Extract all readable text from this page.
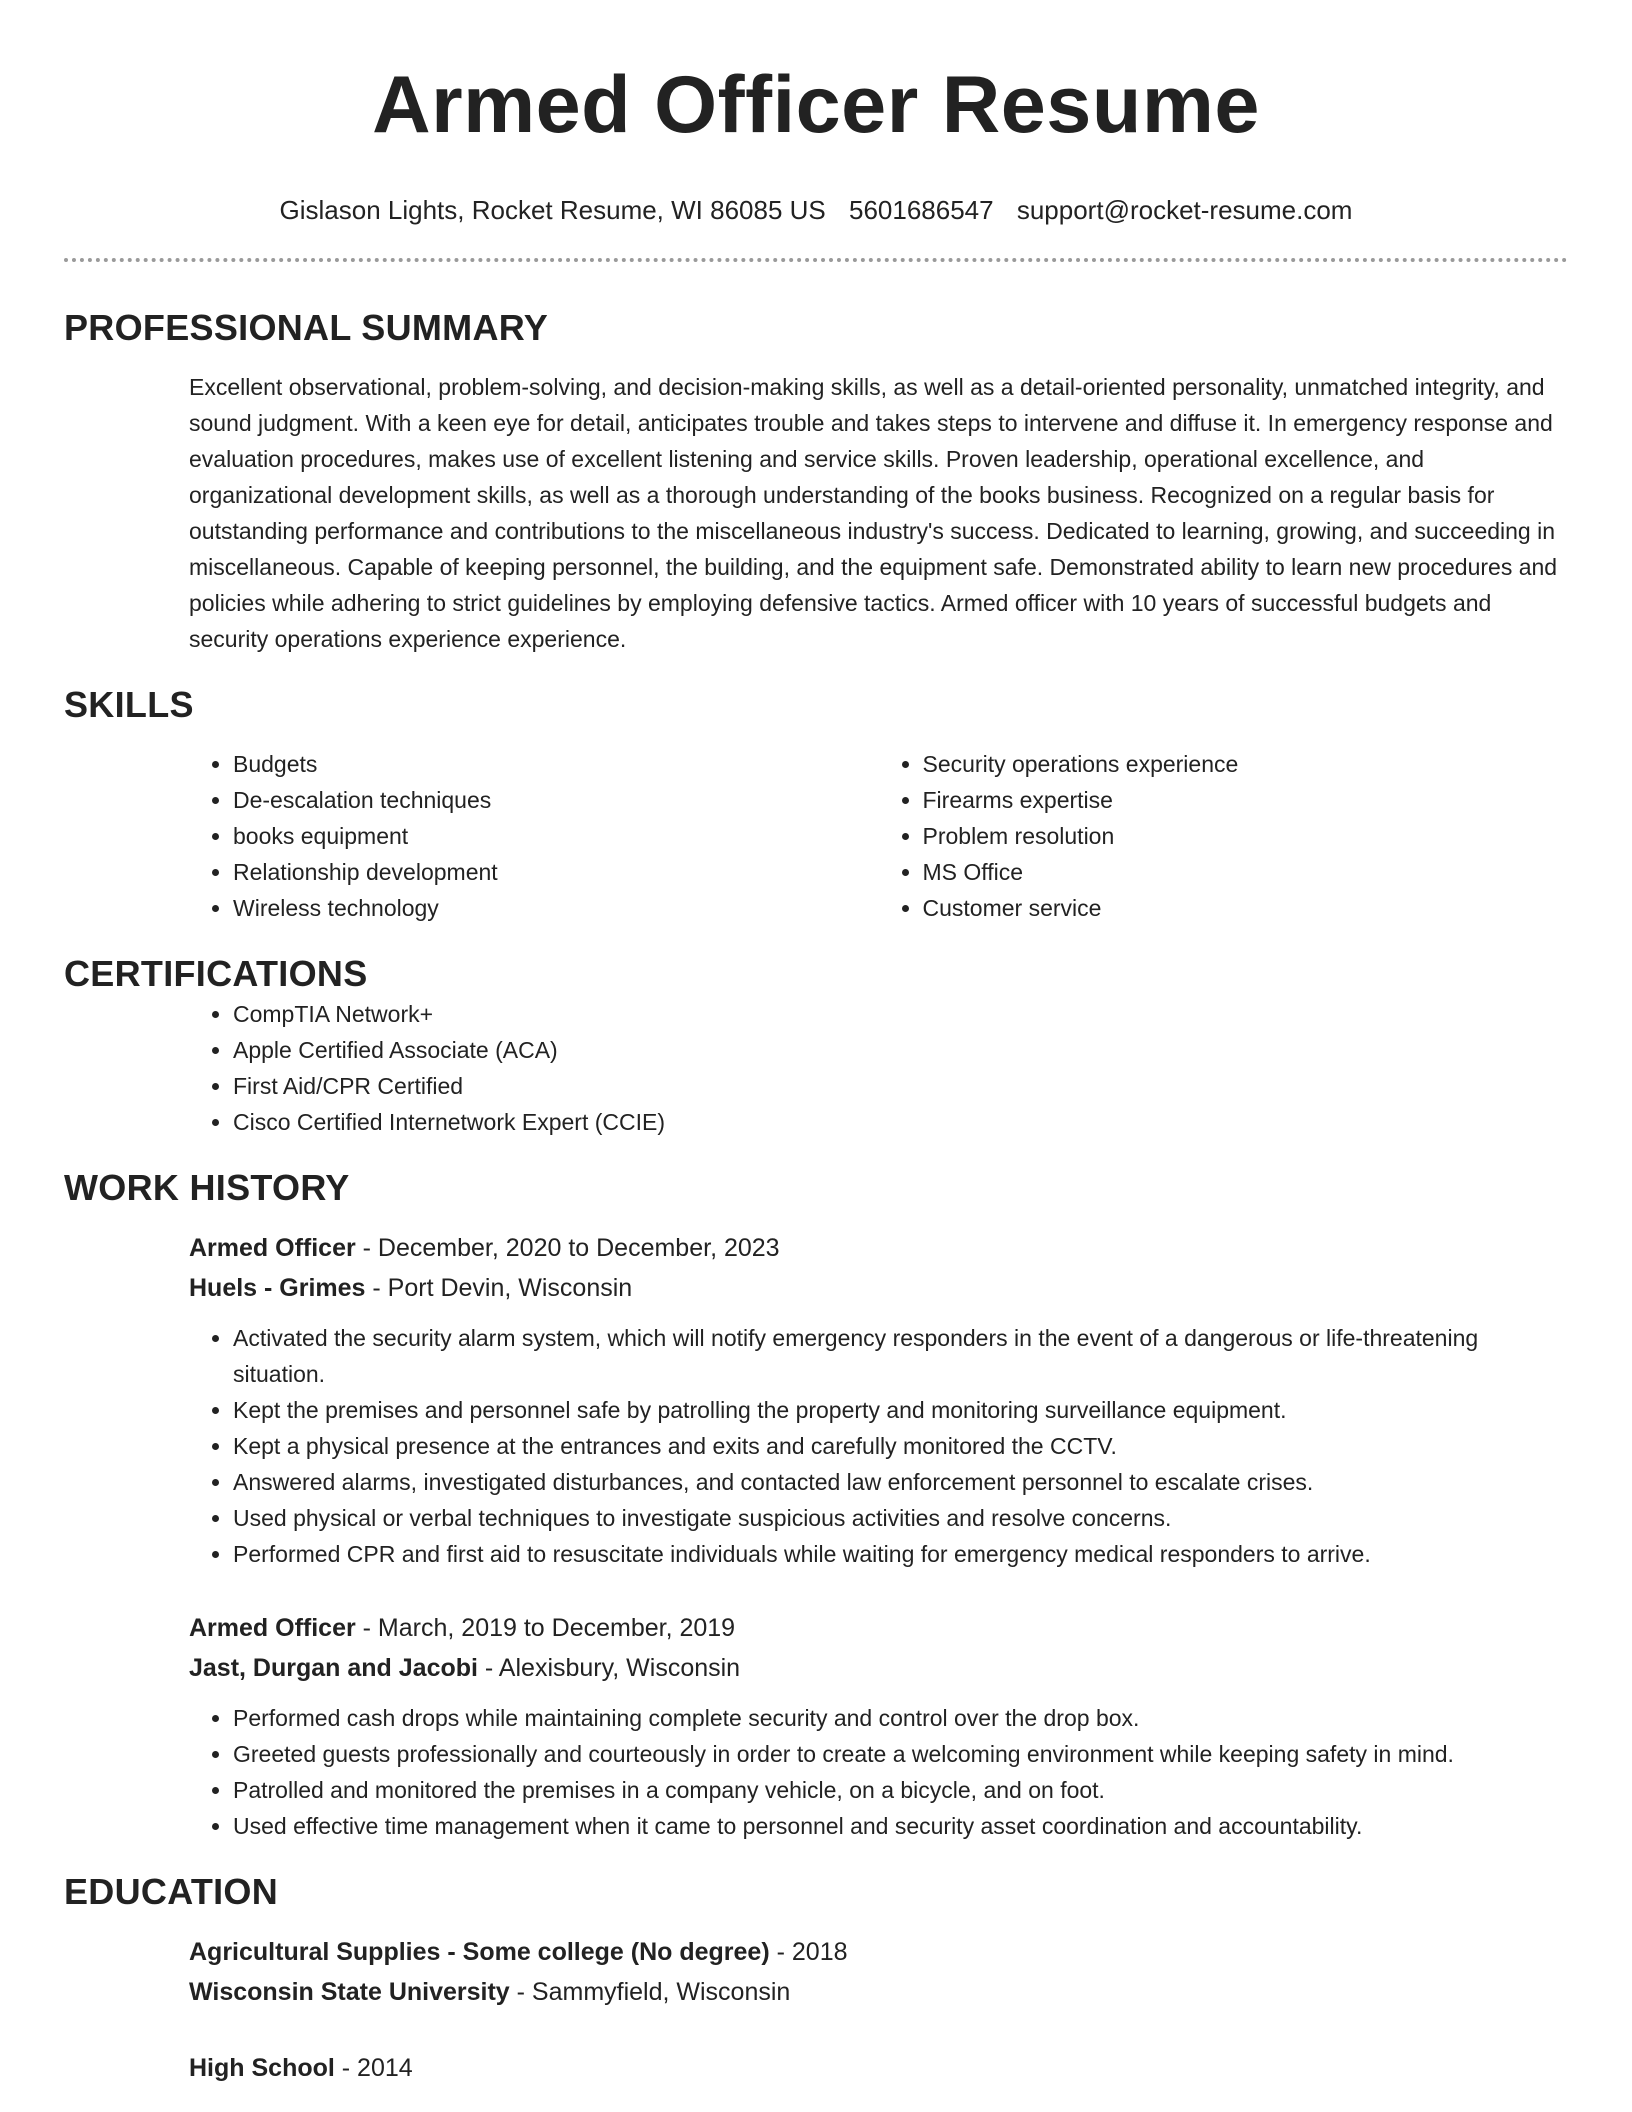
Armed Officer Resume
Gislason Lights, Rocket Resume, WI 86085 US 5601686547 support@rocket-resume.com
PROFESSIONAL SUMMARY

Excellent observational, problem-solving, and decision-making skills, as well as a detail-oriented personality, unmatched integrity, and sound judgment. With a keen eye for detail, anticipates trouble and takes steps to intervene and diffuse it. In emergency response and evaluation procedures, makes use of excellent listening and service skills. Proven leadership, operational excellence, and organizational development skills, as well as a thorough understanding of the books business. Recognized on a regular basis for outstanding performance and contributions to the miscellaneous industry's success. Dedicated to learning, growing, and succeeding in miscellaneous. Capable of keeping personnel, the building, and the equipment safe. Demonstrated ability to learn new procedures and policies while adhering to strict guidelines by employing defensive tactics. Armed officer with 10 years of successful budgets and security operations experience experience.

SKILLS
• Budgets
• De-escalation techniques
• books equipment
• Relationship development
• Wireless technology
• Security operations experience
• Firearms expertise
• Problem resolution
• MS Office
• Customer service
CERTIFICATIONS
• CompTIA Network+
• Apple Certified Associate (ACA)
• First Aid/CPR Certified
• Cisco Certified Internetwork Expert (CCIE)
WORK HISTORY
Armed Officer - December, 2020 to December, 2023
Huels - Grimes - Port Devin, Wisconsin
• Activated the security alarm system, which will notify emergency responders in the event of a dangerous or life-threatening situation.
• Kept the premises and personnel safe by patrolling the property and monitoring surveillance equipment.
• Kept a physical presence at the entrances and exits and carefully monitored the CCTV.
• Answered alarms, investigated disturbances, and contacted law enforcement personnel to escalate crises.
• Used physical or verbal techniques to investigate suspicious activities and resolve concerns.
• Performed CPR and first aid to resuscitate individuals while waiting for emergency medical responders to arrive.
Armed Officer - March, 2019 to December, 2019
Jast, Durgan and Jacobi - Alexisbury, Wisconsin
• Performed cash drops while maintaining complete security and control over the drop box.
• Greeted guests professionally and courteously in order to create a welcoming environment while keeping safety in mind.
• Patrolled and monitored the premises in a company vehicle, on a bicycle, and on foot.
• Used effective time management when it came to personnel and security asset coordination and accountability.
EDUCATION
Agricultural Supplies - Some college (No degree) - 2018
Wisconsin State University - Sammyfield, Wisconsin
High School - 2014
